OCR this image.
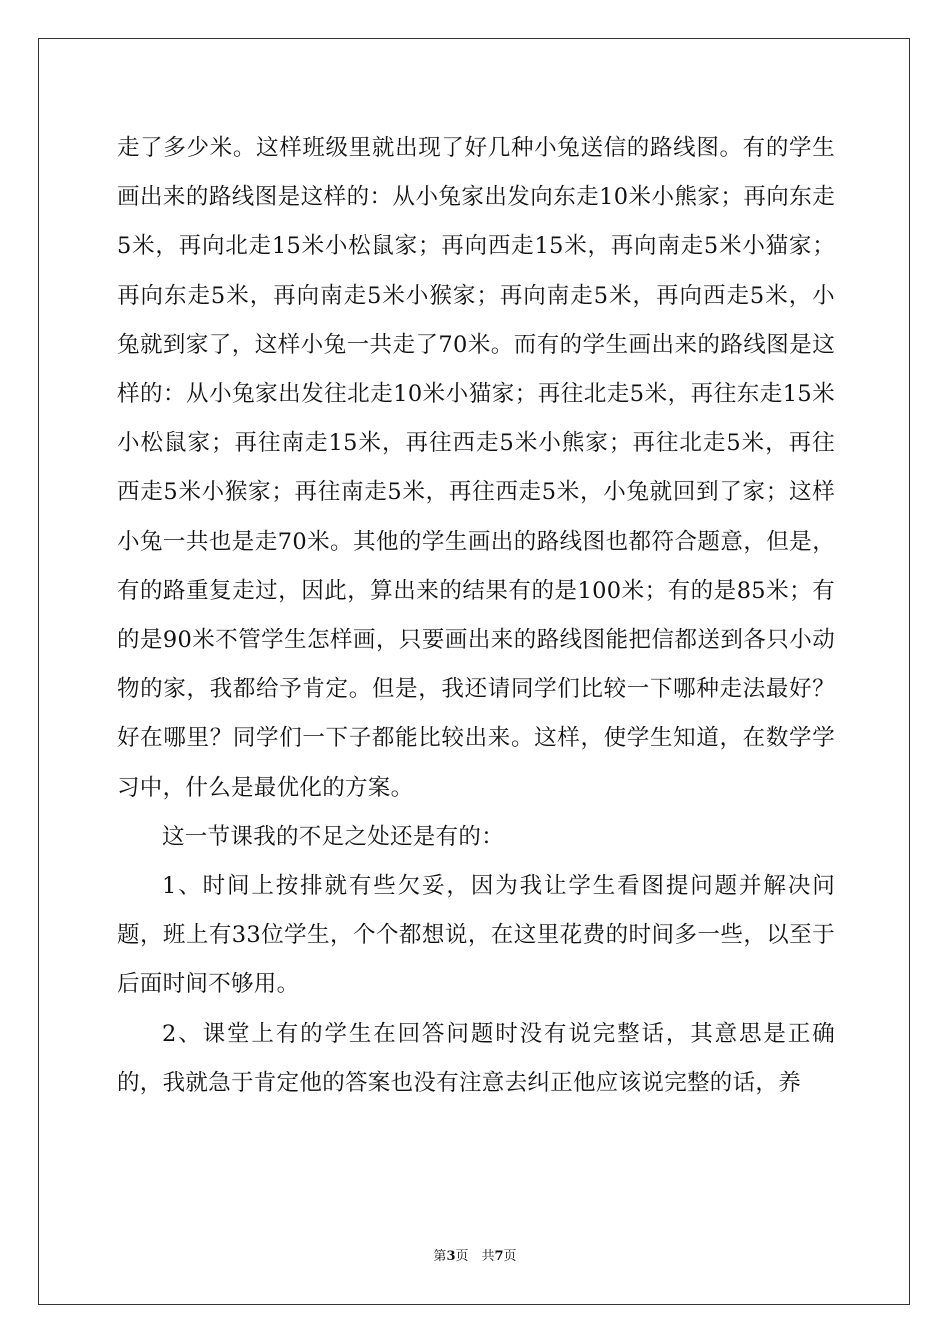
走了多少米。这样班级里就出现了好几种小兔送信的路线图。有的学生画出来的路线图是这样的：从小兔家出发向东走10米小熊家；再向东走5米，再向北走15米小松鼠家；再向西走15米，再向南走5米小猫家；再向东走5米，再向南走5米小猴家；再向南走5米，再向西走5米，小兔就到家了，这样小兔一共走了70米。而有的学生画出来的路线图是这样的：从小兔家出发往北走10米小猫家；再往北走5米，再往东走15米小松鼠家；再往南走15米，再往西走5米小熊家；再往北走5米，再往西走5米小猴家；再往南走5米，再往西走5米，小兔就回到了家；这样小兔一共也是走70米。其他的学生画出的路线图也都符合题意，但是，有的路重复走过，因此，算出来的结果有的是100米；有的是85米；有的是90米不管学生怎样画，只要画出来的路线图能把信都送到各只小动物的家，我都给予肯定。但是，我还请同学们比较一下哪种走法最好？好在哪里？同学们一下子都能比较出来。这样，使学生知道，在数学学习中，什么是最优化的方案。

这一节课我的不足之处还是有的：

1、时间上按排就有些欠妥，因为我让学生看图提问题并解决问题，班上有33位学生，个个都想说，在这里花费的时间多一些，以至于后面时间不够用。

2、课堂上有的学生在回答问题时没有说完整话，其意思是正确的，我就急于肯定他的答案也没有注意去纠正他应该说完整的话，养

第3页　共7页
